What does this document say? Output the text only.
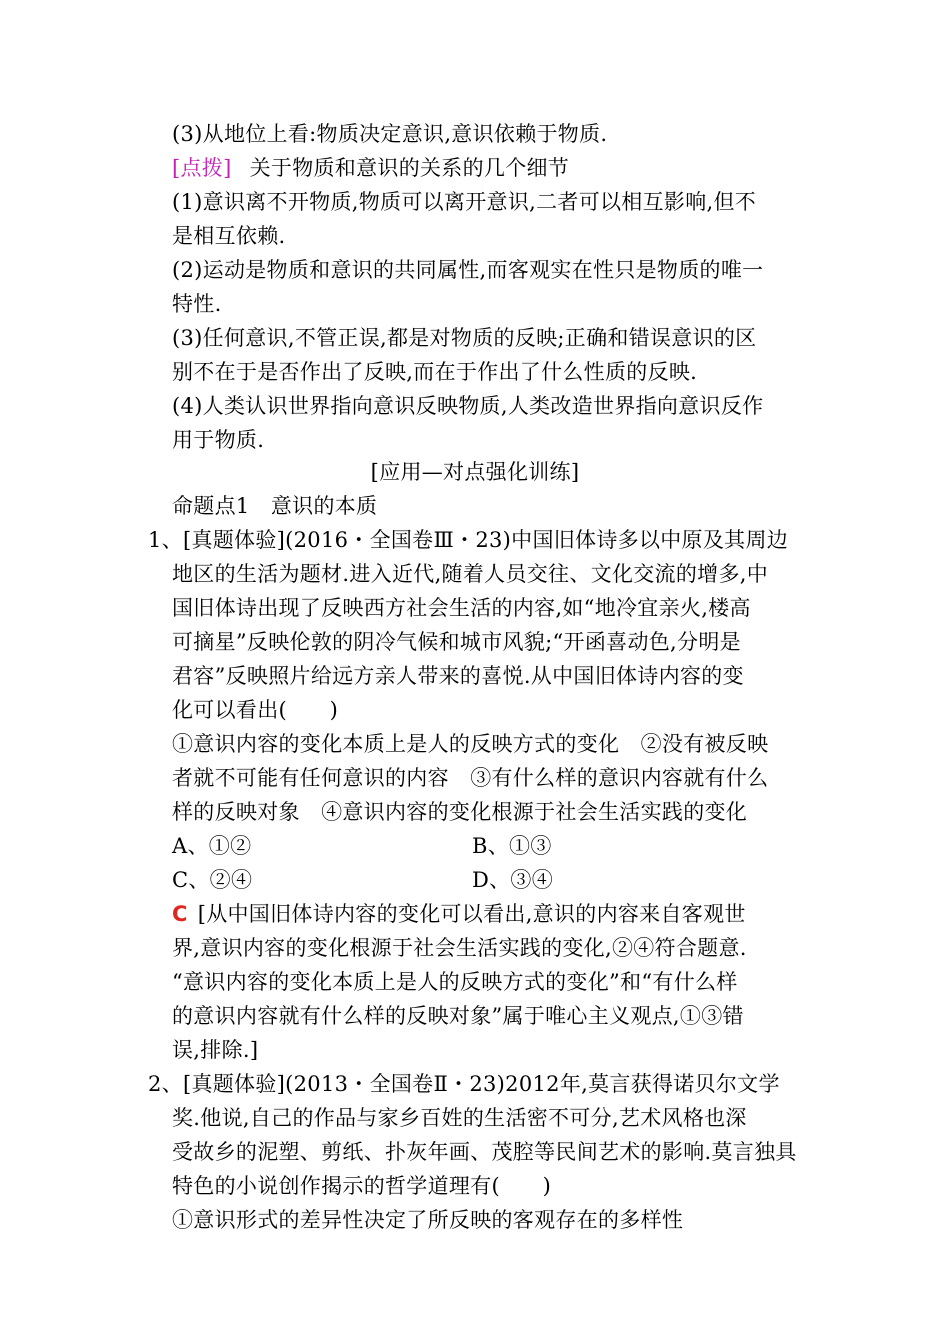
(3)从地位上看:物质决定意识,意识依赖于物质.
[点拨] 关于物质和意识的关系的几个细节
(1)意识离不开物质,物质可以离开意识,二者可以相互影响,但不
是相互依赖.
(2)运动是物质和意识的共同属性,而客观实在性只是物质的唯一
特性.
(3)任何意识,不管正误,都是对物质的反映;正确和错误意识的区
别不在于是否作出了反映,而在于作出了什么性质的反映.
(4)人类认识世界指向意识反映物质,人类改造世界指向意识反作
用于物质.
[应用—对点强化训练]
命题点1　意识的本质
1、[真题体验](2016・全国卷Ⅲ・23)中国旧体诗多以中原及其周边
地区的生活为题材.进入近代,随着人员交往、文化交流的增多,中
国旧体诗出现了反映西方社会生活的内容,如“地冷宜亲火,楼高
可摘星”反映伦敦的阴冷气候和城市风貌;“开函喜动色,分明是
君容”反映照片给远方亲人带来的喜悦.从中国旧体诗内容的变
化可以看出(　　)
①意识内容的变化本质上是人的反映方式的变化　②没有被反映
者就不可能有任何意识的内容　③有什么样的意识内容就有什么
样的反映对象　④意识内容的变化根源于社会生活实践的变化
A、①②	B、①③
C、②④	D、③④
C [从中国旧体诗内容的变化可以看出,意识的内容来自客观世
界,意识内容的变化根源于社会生活实践的变化,②④符合题意.
“意识内容的变化本质上是人的反映方式的变化”和“有什么样
的意识内容就有什么样的反映对象”属于唯心主义观点,①③错
误,排除.]
2、[真题体验](2013・全国卷Ⅱ・23)2012年,莫言获得诺贝尔文学
奖.他说,自己的作品与家乡百姓的生活密不可分,艺术风格也深
受故乡的泥塑、剪纸、扑灰年画、茂腔等民间艺术的影响.莫言独具
特色的小说创作揭示的哲学道理有(　　)
①意识形式的差异性决定了所反映的客观存在的多样性
